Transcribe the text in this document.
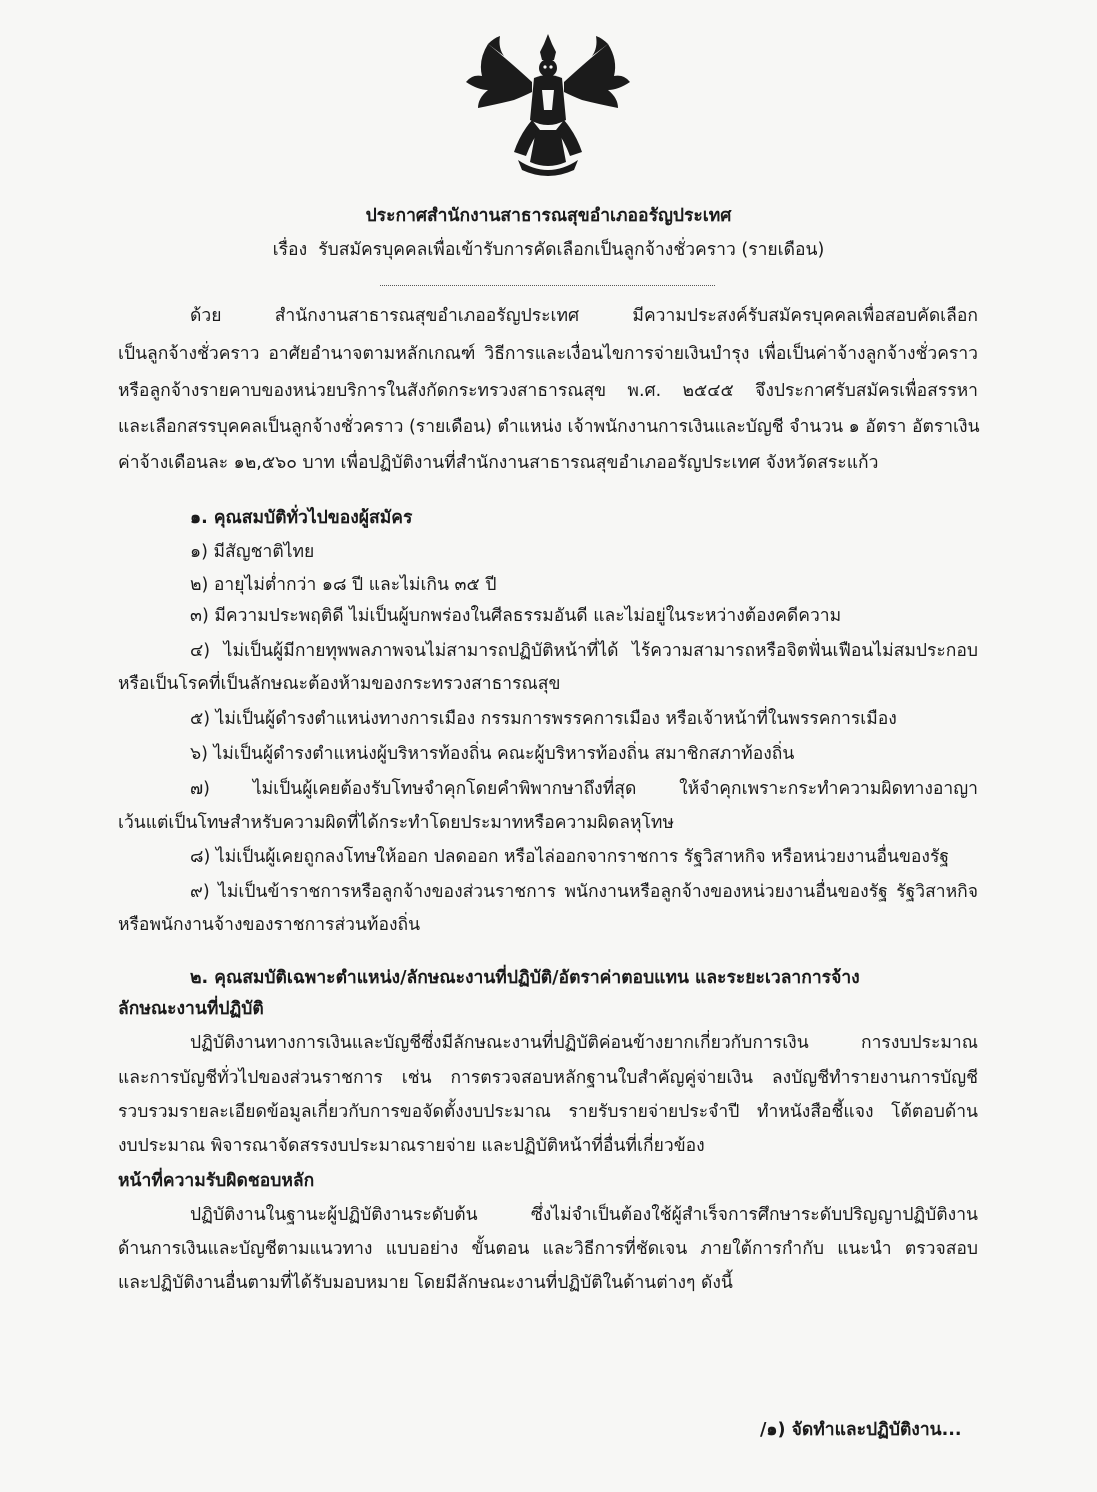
ประกาศสำนักงานสาธารณสุขอำเภออรัญประเทศ
เรื่อง รับสมัครบุคคลเพื่อเข้ารับการคัดเลือกเป็นลูกจ้างชั่วคราว (รายเดือน)
ด้วย สำนักงานสาธารณสุขอำเภออรัญประเทศ มีความประสงค์รับสมัครบุคคลเพื่อสอบคัดเลือก
เป็นลูกจ้างชั่วคราว อาศัยอำนาจตามหลักเกณฑ์ วิธีการและเงื่อนไขการจ่ายเงินบำรุง เพื่อเป็นค่าจ้างลูกจ้างชั่วคราว
หรือลูกจ้างรายคาบของหน่วยบริการในสังกัดกระทรวงสาธารณสุข พ.ศ. ๒๕๔๕ จึงประกาศรับสมัครเพื่อสรรหา
และเลือกสรรบุคคลเป็นลูกจ้างชั่วคราว (รายเดือน) ตำแหน่ง เจ้าพนักงานการเงินและบัญชี จำนวน ๑ อัตรา อัตราเงิน
ค่าจ้างเดือนละ ๑๒,๕๖๐ บาท เพื่อปฏิบัติงานที่สำนักงานสาธารณสุขอำเภออรัญประเทศ จังหวัดสระแก้ว
๑. คุณสมบัติทั่วไปของผู้สมัคร
๑) มีสัญชาติไทย
๒) อายุไม่ต่ำกว่า ๑๘ ปี และไม่เกิน ๓๕ ปี
๓) มีความประพฤติดี ไม่เป็นผู้บกพร่องในศีลธรรมอันดี และไม่อยู่ในระหว่างต้องคดีความ
๔) ไม่เป็นผู้มีกายทุพพลภาพจนไม่สามารถปฏิบัติหน้าที่ได้ ไร้ความสามารถหรือจิตฟั่นเฟือนไม่สมประกอบ
หรือเป็นโรคที่เป็นลักษณะต้องห้ามของกระทรวงสาธารณสุข
๕) ไม่เป็นผู้ดำรงตำแหน่งทางการเมือง กรรมการพรรคการเมือง หรือเจ้าหน้าที่ในพรรคการเมือง
๖) ไม่เป็นผู้ดำรงตำแหน่งผู้บริหารท้องถิ่น คณะผู้บริหารท้องถิ่น สมาชิกสภาท้องถิ่น
๗) ไม่เป็นผู้เคยต้องรับโทษจำคุกโดยคำพิพากษาถึงที่สุด ให้จำคุกเพราะกระทำความผิดทางอาญา
เว้นแต่เป็นโทษสำหรับความผิดที่ได้กระทำโดยประมาทหรือความผิดลหุโทษ
๘) ไม่เป็นผู้เคยถูกลงโทษให้ออก ปลดออก หรือไล่ออกจากราชการ รัฐวิสาหกิจ หรือหน่วยงานอื่นของรัฐ
๙) ไม่เป็นข้าราชการหรือลูกจ้างของส่วนราชการ พนักงานหรือลูกจ้างของหน่วยงานอื่นของรัฐ รัฐวิสาหกิจ
หรือพนักงานจ้างของราชการส่วนท้องถิ่น
๒. คุณสมบัติเฉพาะตำแหน่ง/ลักษณะงานที่ปฏิบัติ/อัตราค่าตอบแทน และระยะเวลาการจ้าง
ลักษณะงานที่ปฏิบัติ
ปฏิบัติงานทางการเงินและบัญชีซึ่งมีลักษณะงานที่ปฏิบัติค่อนข้างยากเกี่ยวกับการเงิน การงบประมาณ
และการบัญชีทั่วไปของส่วนราชการ เช่น การตรวจสอบหลักฐานใบสำคัญคู่จ่ายเงิน ลงบัญชีทำรายงานการบัญชี
รวบรวมรายละเอียดข้อมูลเกี่ยวกับการขอจัดตั้งงบประมาณ รายรับรายจ่ายประจำปี ทำหนังสือชี้แจง โต้ตอบด้าน
งบประมาณ พิจารณาจัดสรรงบประมาณรายจ่าย และปฏิบัติหน้าที่อื่นที่เกี่ยวข้อง
หน้าที่ความรับผิดชอบหลัก
ปฏิบัติงานในฐานะผู้ปฏิบัติงานระดับต้น ซึ่งไม่จำเป็นต้องใช้ผู้สำเร็จการศึกษาระดับปริญญาปฏิบัติงาน
ด้านการเงินและบัญชีตามแนวทาง แบบอย่าง ขั้นตอน และวิธีการที่ชัดเจน ภายใต้การกำกับ แนะนำ ตรวจสอบ
และปฏิบัติงานอื่นตามที่ได้รับมอบหมาย โดยมีลักษณะงานที่ปฏิบัติในด้านต่างๆ ดังนี้
/๑) จัดทำและปฏิบัติงาน...
